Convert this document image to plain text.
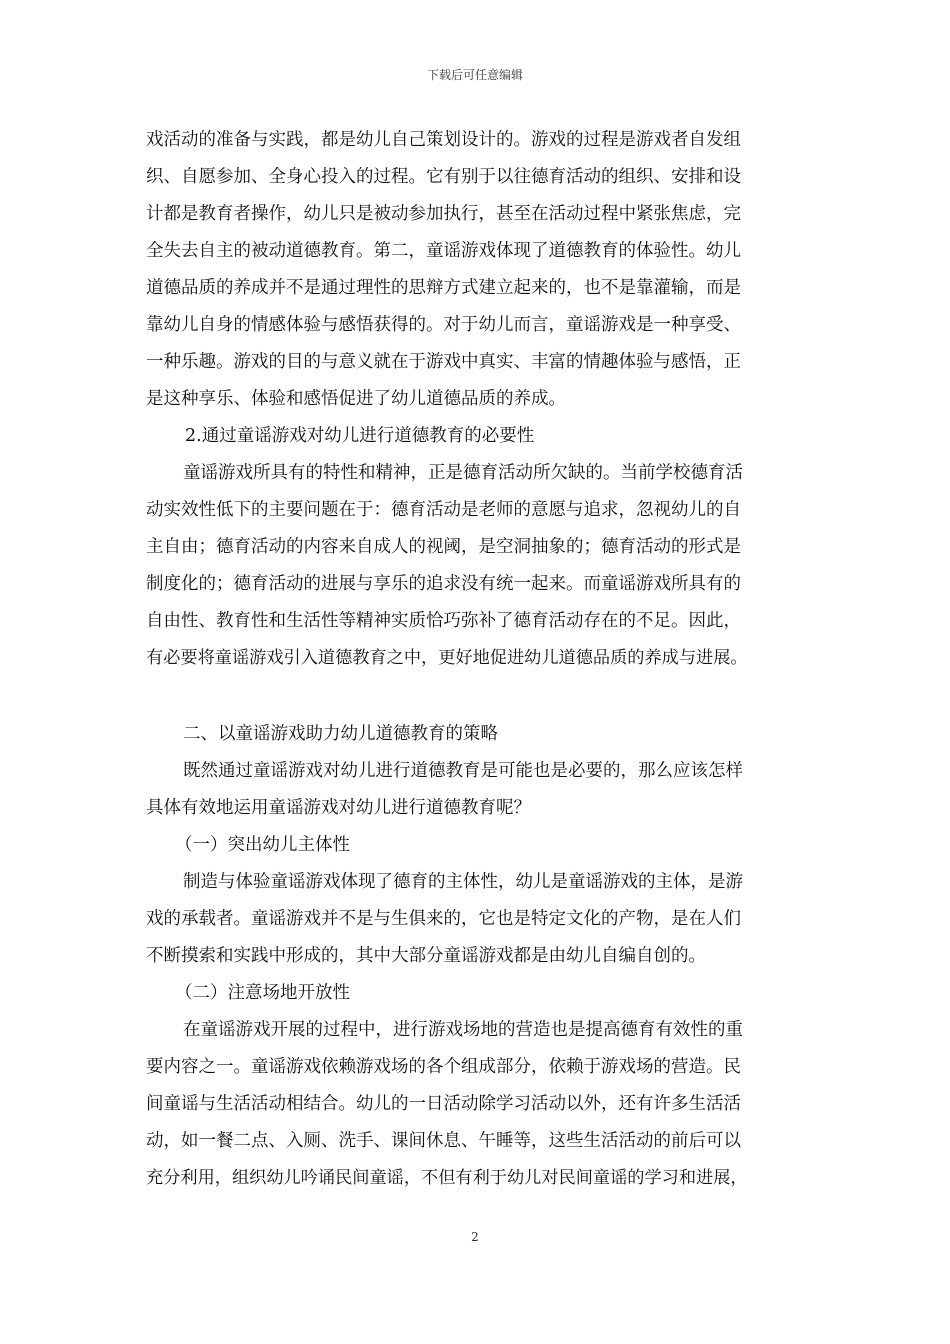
下载后可任意编辑
戏活动的准备与实践，都是幼儿自己策划设计的。游戏的过程是游戏者自发组
织、自愿参加、全身心投入的过程。它有别于以往德育活动的组织、安排和设
计都是教育者操作，幼儿只是被动参加执行，甚至在活动过程中紧张焦虑，完
全失去自主的被动道德教育。第二，童谣游戏体现了道德教育的体验性。幼儿
道德品质的养成并不是通过理性的思辩方式建立起来的，也不是靠灌输，而是
靠幼儿自身的情感体验与感悟获得的。对于幼儿而言，童谣游戏是一种享受、
一种乐趣。游戏的目的与意义就在于游戏中真实、丰富的情趣体验与感悟，正
是这种享乐、体验和感悟促进了幼儿道德品质的养成。
2.通过童谣游戏对幼儿进行道德教育的必要性
童谣游戏所具有的特性和精神，正是德育活动所欠缺的。当前学校德育活
动实效性低下的主要问题在于：德育活动是老师的意愿与追求，忽视幼儿的自
主自由；德育活动的内容来自成人的视阈，是空洞抽象的；德育活动的形式是
制度化的；德育活动的进展与享乐的追求没有统一起来。而童谣游戏所具有的
自由性、教育性和生活性等精神实质恰巧弥补了德育活动存在的不足。因此，
有必要将童谣游戏引入道德教育之中，更好地促进幼儿道德品质的养成与进展。
二、以童谣游戏助力幼儿道德教育的策略
既然通过童谣游戏对幼儿进行道德教育是可能也是必要的，那么应该怎样
具体有效地运用童谣游戏对幼儿进行道德教育呢？
（一）突出幼儿主体性
制造与体验童谣游戏体现了德育的主体性，幼儿是童谣游戏的主体，是游
戏的承载者。童谣游戏并不是与生俱来的，它也是特定文化的产物，是在人们
不断摸索和实践中形成的，其中大部分童谣游戏都是由幼儿自编自创的。
（二）注意场地开放性
在童谣游戏开展的过程中，进行游戏场地的营造也是提高德育有效性的重
要内容之一。童谣游戏依赖游戏场的各个组成部分，依赖于游戏场的营造。民
间童谣与生活活动相结合。幼儿的一日活动除学习活动以外，还有许多生活活
动，如一餐二点、入厕、洗手、课间休息、午睡等，这些生活活动的前后可以
充分利用，组织幼儿吟诵民间童谣，不但有利于幼儿对民间童谣的学习和进展，
2
